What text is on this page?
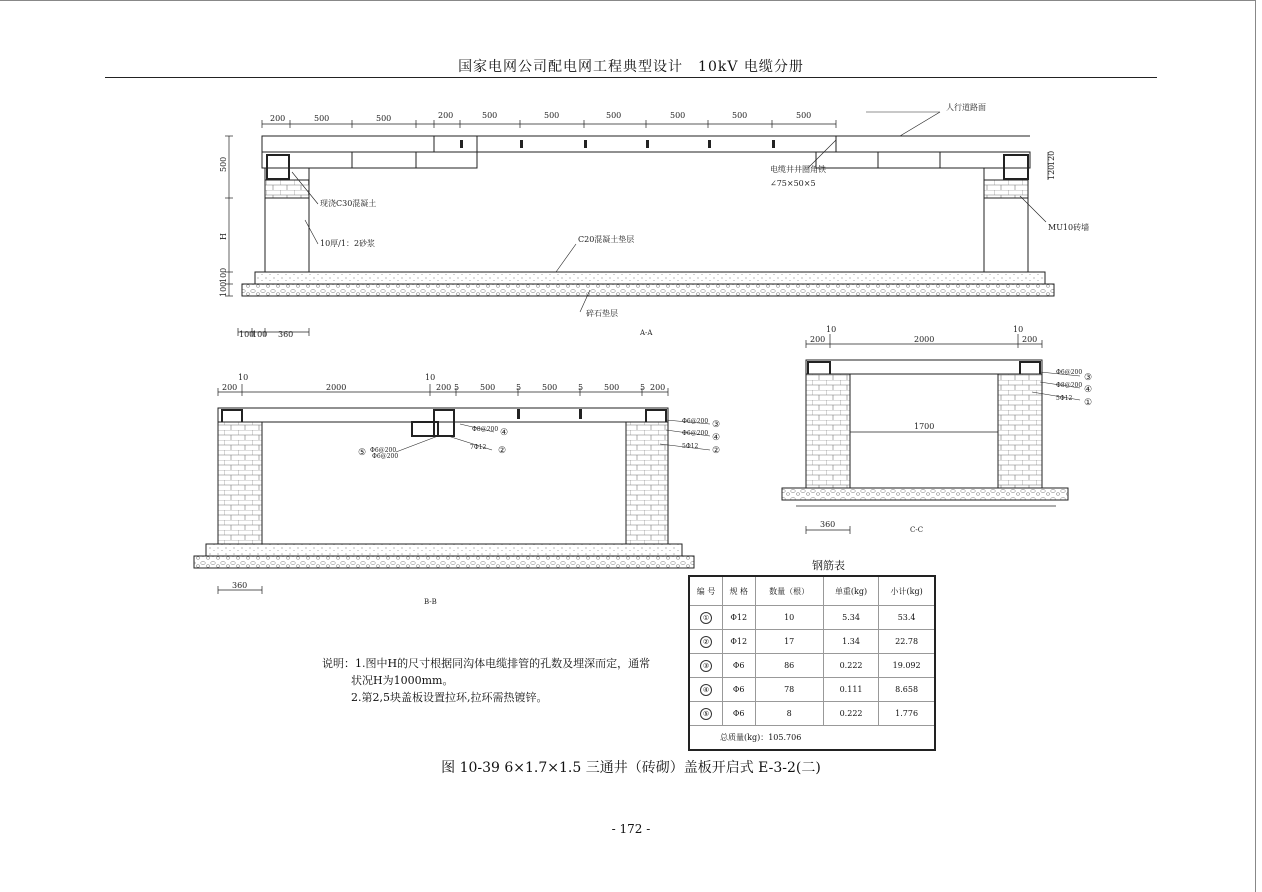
国家电网公司配电网工程典型设计　10kV 电缆分册
200	500	500	200	500	500	500	500	500	500
人行道路面
电缆井井圈角铁
∠75×50×5
现浇C30混凝土
10厚/1：2砂浆	C20混凝土垫层
MU10砖墙
碎石垫层
500
H
100
100
120
120
100
100 360	A-A
10
200	2000
10
200 5	500	5	500	5	500	5 200
Φ8@200
7Φ12
Φ6@200
Φ6@200
Φ6@200
5Φ12
Φ6@200
④
⑤	②
③
④
②
360
B-B
10
200	2000
10
200
1700
360
Φ6@200
Φ8@200
5Φ12
③
④
①
C-C
说明：1.图中H的尺寸根据同沟体电缆排管的孔数及埋深而定，通常
状况H为1000mm。
2.第2,5块盖板设置拉环,拉环需热镀锌。
钢筋表
编 号	规 格	数量（根）	单重(kg)	小计(kg)
①	Φ12	10	5.34	53.4
②	Φ12	17	1.34	22.78
③	Φ6	86	0.222	19.092
④	Φ6	78	0.111	8.658
⑤	Φ6	8	0.222	1.776
总质量(kg)：105.706				
图 10-39 6×1.7×1.5 三通井（砖砌）盖板开启式 E-3-2(二)
- 172 -
